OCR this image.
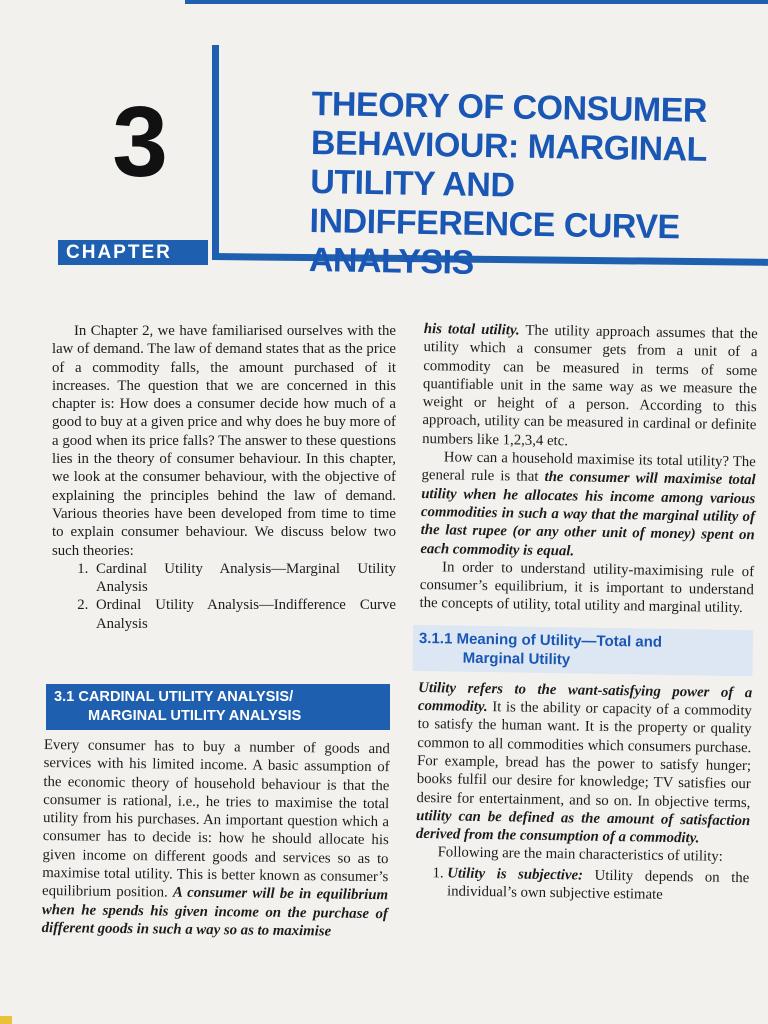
3
CHAPTER
THEORY OF CONSUMER BEHAVIOUR: MARGINAL UTILITY AND INDIFFERENCE CURVE ANALYSIS

In Chapter 2, we have familiarised ourselves with the law of demand. The law of demand states that as the price of a commodity falls, the amount purchased of it increases. The question that we are concerned in this chapter is: How does a consumer decide how much of a good to buy at a given price and why does he buy more of a good when its price falls? The answer to these questions lies in the theory of consumer behaviour. In this chapter, we look at the consumer behaviour, with the objective of explaining the principles behind the law of demand. Various theories have been developed from time to time to explain consumer behaviour. We discuss below two such theories:

1. Cardinal Utility Analysis—Marginal Utility Analysis
2. Ordinal Utility Analysis—Indifference Curve Analysis
3.1 CARDINAL UTILITY ANALYSIS/
MARGINAL UTILITY ANALYSIS

Every consumer has to buy a number of goods and services with his limited income. A basic assumption of the economic theory of household behaviour is that the consumer is rational, i.e., he tries to maximise the total utility from his purchases. An important question which a consumer has to decide is: how he should allocate his given income on different goods and services so as to maximise total utility. This is better known as consumer’s equilibrium position. A consumer will be in equilibrium when he spends his given income on the purchase of different goods in such a way so as to maximise

his total utility. The utility approach assumes that the utility which a consumer gets from a unit of a commodity can be measured in terms of some quantifiable unit in the same way as we measure the weight or height of a person. According to this approach, utility can be measured in cardinal or definite numbers like 1,2,3,4 etc.

How can a household maximise its total utility? The general rule is that the consumer will maximise total utility when he allocates his income among various commodities in such a way that the marginal utility of the last rupee (or any other unit of money) spent on each commodity is equal.

In order to understand utility-maximising rule of consumer’s equilibrium, it is important to understand the concepts of utility, total utility and marginal utility.

3.1.1 Meaning of Utility—Total and
Marginal Utility

Utility refers to the want-satisfying power of a commodity. It is the ability or capacity of a commodity to satisfy the human want. It is the property or quality common to all commodities which consumers purchase. For example, bread has the power to satisfy hunger; books fulfil our desire for knowledge; TV satisfies our desire for entertainment, and so on. In objective terms, utility can be defined as the amount of satisfaction derived from the consumption of a commodity.

Following are the main characteristics of utility:

1. Utility is subjective: Utility depends on the individual’s own subjective estimate
